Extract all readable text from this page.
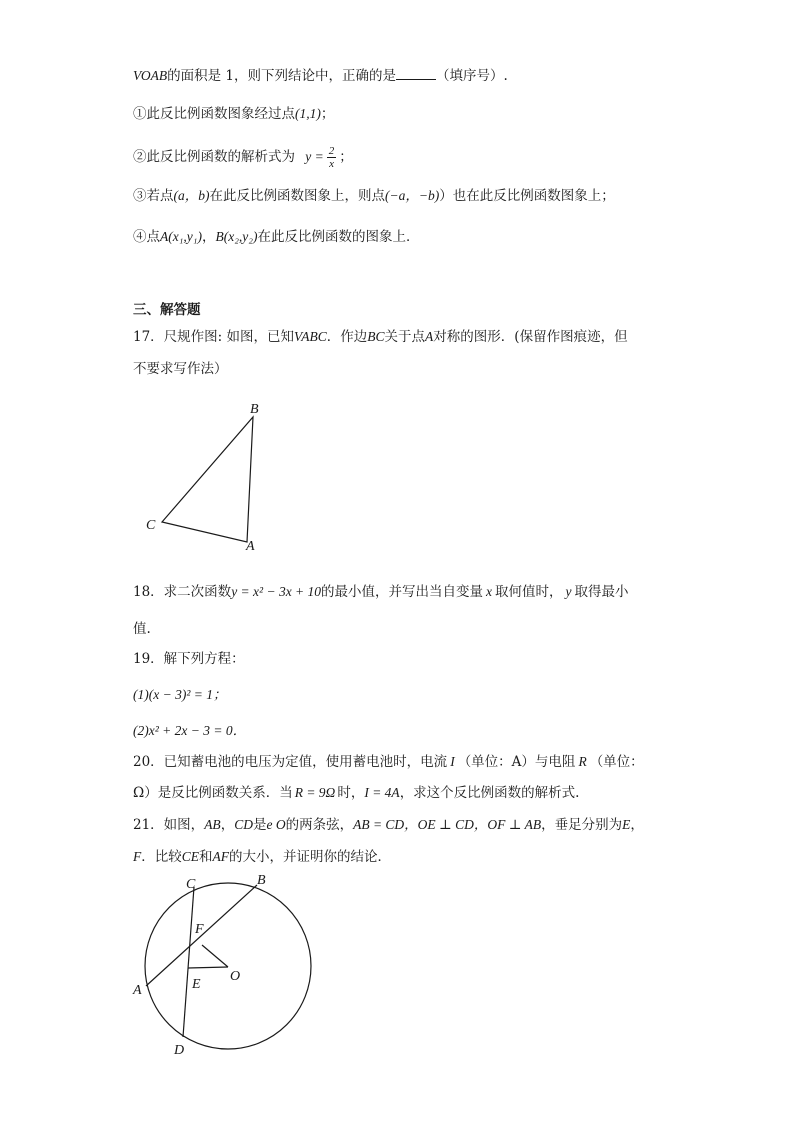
VOAB的面积是 1，则下列结论中，正确的是	（填序号）.
①此反比例函数图象经过点(1,1)；
②此反比例函数的解析式为 $y = \frac{2}{x}$ ；
③若点(a，b)在此反比例函数图象上，则点(−a，−b)）也在此反比例函数图象上；
④点A(x₁,y₁)，B(x₂,y₂)在此反比例函数的图象上．
三、解答题
17．尺规作图: 如图，已知VABC．作边BC关于点A对称的图形．(保留作图痕迹，但
不要求写作法）
B
C
A
18．求二次函数y = x² − 3x + 10的最小值，并写出当自变量 x 取何值时， y 取得最小
值.
19．解下列方程：
(1)(x − 3)² = 1；
(2)x² + 2x − 3 = 0．
20．已知蓄电池的电压为定值，使用蓄电池时，电流 I （单位：A）与电阻 R （单位：
Ω）是反比例函数关系．当 R = 9Ω 时，I = 4A，求这个反比例函数的解析式.
21．如图，AB，CD是e O的两条弦，AB = CD，OE ⊥ CD，OF ⊥ AB，垂足分别为E，
F．比较CE和AF的大小，并证明你的结论．
C	B
F
O
A	E
D
